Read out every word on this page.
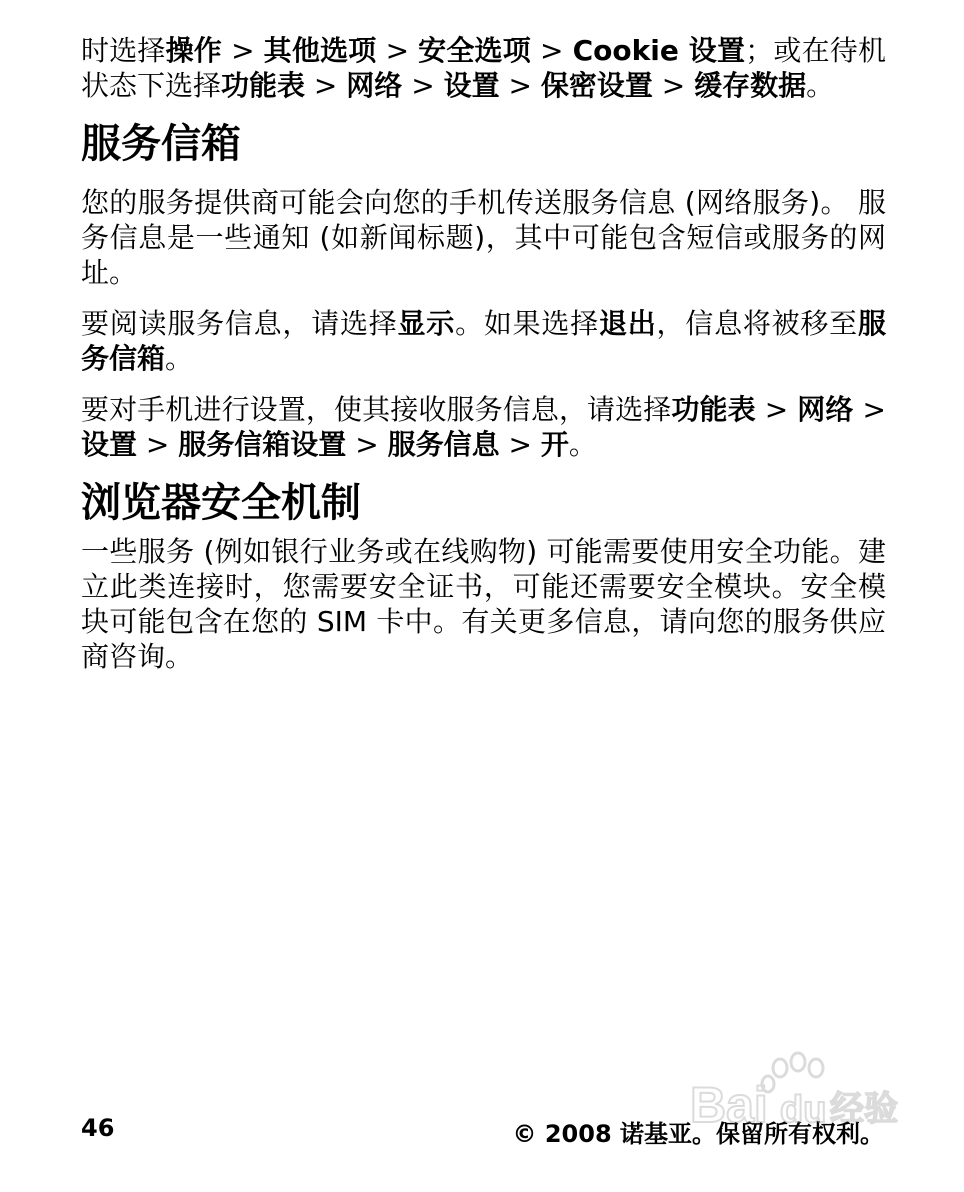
时选择操作 > 其他选项 > 安全选项 > Cookie 设置；或在待机状态下选择功能表 > 网络 > 设置 > 保密设置 > 缓存数据。

服务信箱

您的服务提供商可能会向您的手机传送服务信息 (网络服务)。 服务信息是一些通知 (如新闻标题)，其中可能包含短信或服务的网址。

要阅读服务信息，请选择显示。如果选择退出，信息将被移至服务信箱。

要对手机进行设置，使其接收服务信息，请选择功能表 > 网络 > 设置 > 服务信箱设置 > 服务信息 > 开。

浏览器安全机制

一些服务 (例如银行业务或在线购物) 可能需要使用安全功能。建立此类连接时，您需要安全证书，可能还需要安全模块。安全模块可能包含在您的 SIM 卡中。有关更多信息，请向您的服务供应商咨询。

46	© 2008 诺基亚。保留所有权利。
Bai du 经验
